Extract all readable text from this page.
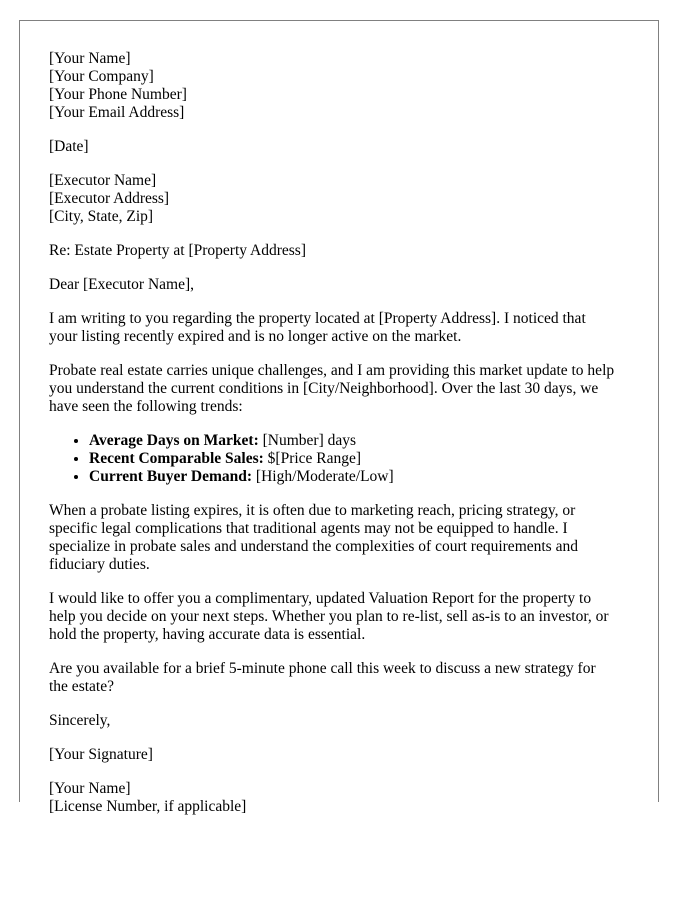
[Your Name]
[Your Company]
[Your Phone Number]
[Your Email Address]
[Date]
[Executor Name]
[Executor Address]
[City, State, Zip]
Re: Estate Property at [Property Address]
Dear [Executor Name],
I am writing to you regarding the property located at [Property Address]. I noticed that
your listing recently expired and is no longer active on the market.
Probate real estate carries unique challenges, and I am providing this market update to help
you understand the current conditions in [City/Neighborhood]. Over the last 30 days, we
have seen the following trends:
• Average Days on Market: [Number] days
• Recent Comparable Sales: $[Price Range]
• Current Buyer Demand: [High/Moderate/Low]
When a probate listing expires, it is often due to marketing reach, pricing strategy, or
specific legal complications that traditional agents may not be equipped to handle. I
specialize in probate sales and understand the complexities of court requirements and
fiduciary duties.
I would like to offer you a complimentary, updated Valuation Report for the property to
help you decide on your next steps. Whether you plan to re-list, sell as-is to an investor, or
hold the property, having accurate data is essential.
Are you available for a brief 5-minute phone call this week to discuss a new strategy for
the estate?
Sincerely,
[Your Signature]
[Your Name]
[License Number, if applicable]
